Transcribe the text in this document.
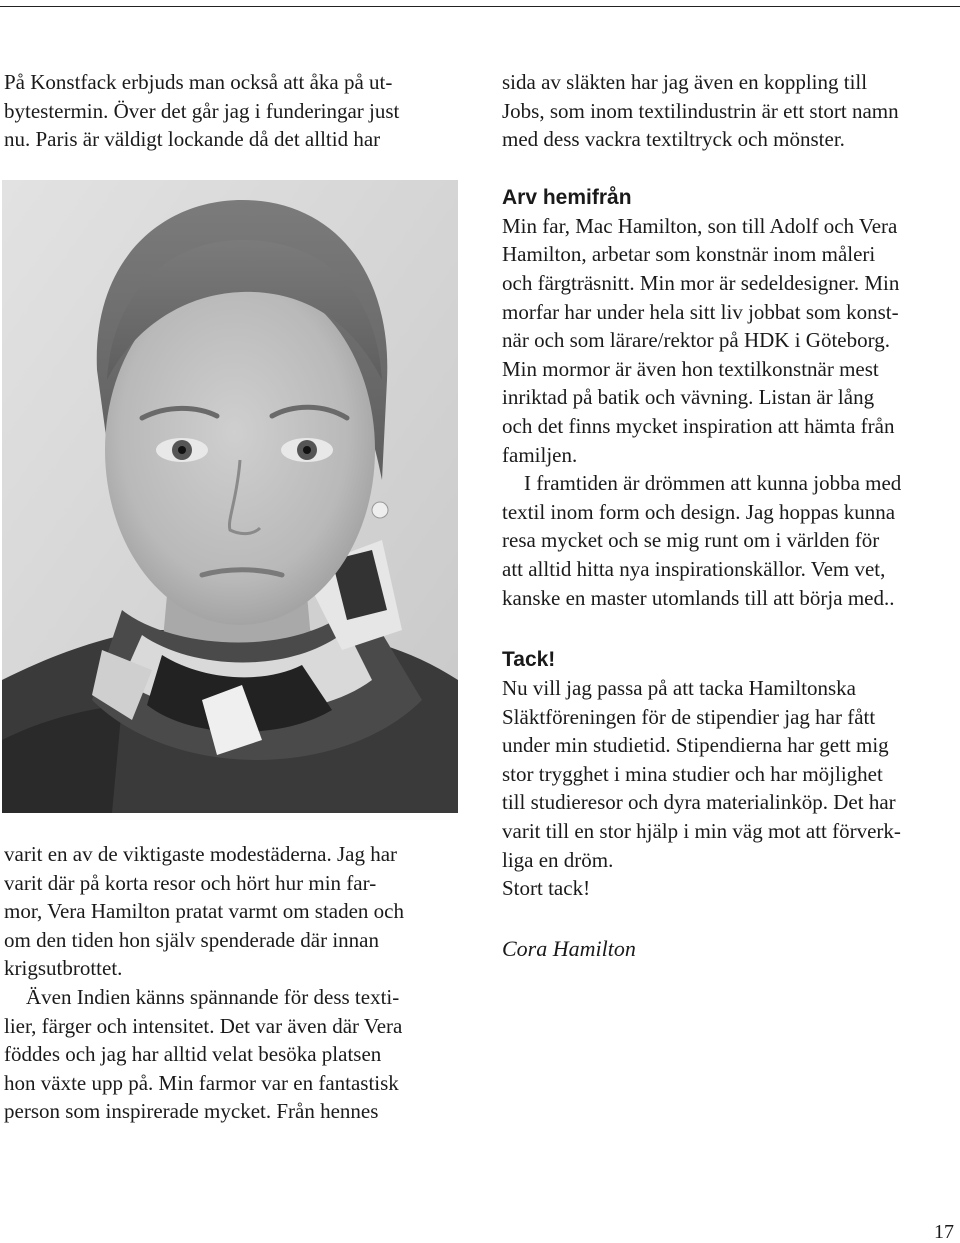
På Konstfack erbjuds man också att åka på ut-
bytestermin. Över det går jag i funderingar just
nu. Paris är väldigt lockande då det alltid har

varit en av de viktigaste modestäderna. Jag har
varit där på korta resor och hört hur min far-
mor, Vera Hamilton pratat varmt om staden och
om den tiden hon själv spenderade där innan
krigsutbrottet.

Även Indien känns spännande för dess texti-
lier, färger och intensitet. Det var även där Vera
föddes och jag har alltid velat besöka platsen
hon växte upp på. Min farmor var en fantastisk
person som inspirerade mycket. Från hennes

sida av släkten har jag även en koppling till
Jobs, som inom textilindustrin är ett stort namn
med dess vackra textiltryck och mönster.

Arv hemifrån

Min far, Mac Hamilton, son till Adolf och Vera
Hamilton, arbetar som konstnär inom måleri
och färgträsnitt. Min mor är sedeldesigner. Min
morfar har under hela sitt liv jobbat som konst-
när och som lärare/rektor på HDK i Göteborg.
Min mormor är även hon textilkonstnär mest
inriktad på batik och vävning. Listan är lång
och det finns mycket inspiration att hämta från
familjen.

I framtiden är drömmen att kunna jobba med
textil inom form och design. Jag hoppas kunna
resa mycket och se mig runt om i världen för
att alltid hitta nya inspirationskällor. Vem vet,
kanske en master utomlands till att börja med..

Tack!

Nu vill jag passa på att tacka Hamiltonska
Släktföreningen för de stipendier jag har fått
under min studietid. Stipendierna har gett mig
stor trygghet i mina studier och har möjlighet
till studieresor och dyra materialinköp. Det har
varit till en stor hjälp i min väg mot att förverk-
liga en dröm.
Stort tack!

Cora Hamilton

17
